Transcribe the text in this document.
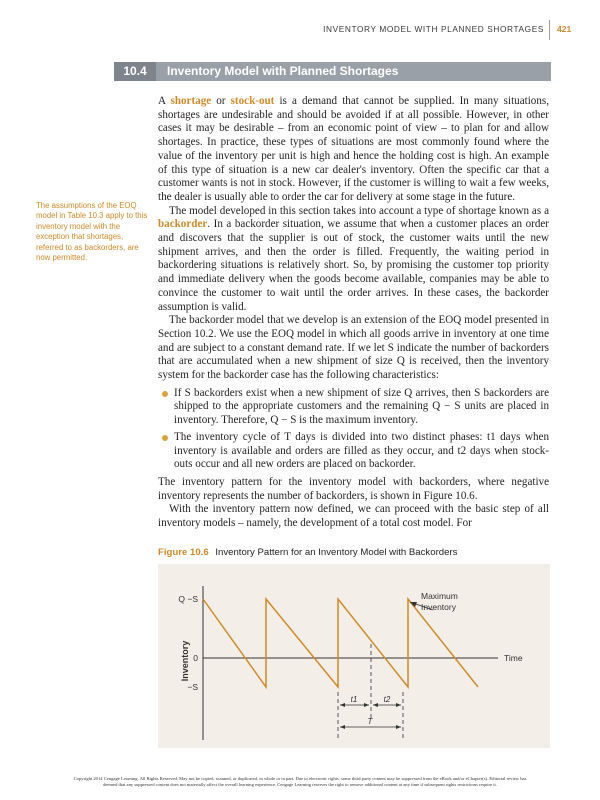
INVENTORY MODEL WITH PLANNED SHORTAGES 421
10.4	Inventory Model with Planned Shortages
The assumptions of the EOQ model in Table 10.3 apply to this inventory model with the exception that shortages, referred to as backorders, are now permitted.

A shortage or stock-out is a demand that cannot be supplied. In many situations, shortages are undesirable and should be avoided if at all possible. However, in other cases it may be desirable – from an economic point of view – to plan for and allow shortages. In practice, these types of situations are most commonly found where the value of the inventory per unit is high and hence the holding cost is high. An example of this type of situation is a new car dealer's inventory. Often the specific car that a customer wants is not in stock. However, if the customer is willing to wait a few weeks, the dealer is usually able to order the car for delivery at some stage in the future.

The model developed in this section takes into account a type of shortage known as a backorder. In a backorder situation, we assume that when a customer places an order and discovers that the supplier is out of stock, the customer waits until the new shipment arrives, and then the order is filled. Frequently, the waiting period in backordering situations is relatively short. So, by promising the customer top priority and immediate delivery when the goods become available, companies may be able to convince the customer to wait until the order arrives. In these cases, the backorder assumption is valid.

The backorder model that we develop is an extension of the EOQ model presented in Section 10.2. We use the EOQ model in which all goods arrive in inventory at one time and are subject to a constant demand rate. If we let S indicate the number of backorders that are accumulated when a new shipment of size Q is received, then the inventory system for the backorder case has the following characteristics:

If S backorders exist when a new shipment of size Q arrives, then S backorders are shipped to the appropriate customers and the remaining Q − S units are placed in inventory. Therefore, Q − S is the maximum inventory.
The inventory cycle of T days is divided into two distinct phases: t1 days when inventory is available and orders are filled as they occur, and t2 days when stock-outs occur and all new orders are placed on backorder.

The inventory pattern for the inventory model with backorders, where negative inventory represents the number of backorders, is shown in Figure 10.6.

With the inventory pattern now defined, we can proceed with the basic step of all inventory models – namely, the development of a total cost model. For

Figure 10.6 Inventory Pattern for an Inventory Model with Backorders
Q −S
0
−S
Time
Inventory
Maximum
Inventory
t1	t2
T
Copyright 2014 Cengage Learning. All Rights Reserved. May not be copied, scanned, or duplicated, in whole or in part. Due to electronic rights, some third party content may be suppressed from the eBook and/or eChapter(s). Editorial review has
deemed that any suppressed content does not materially affect the overall learning experience. Cengage Learning reserves the right to remove additional content at any time if subsequent rights restrictions require it.
